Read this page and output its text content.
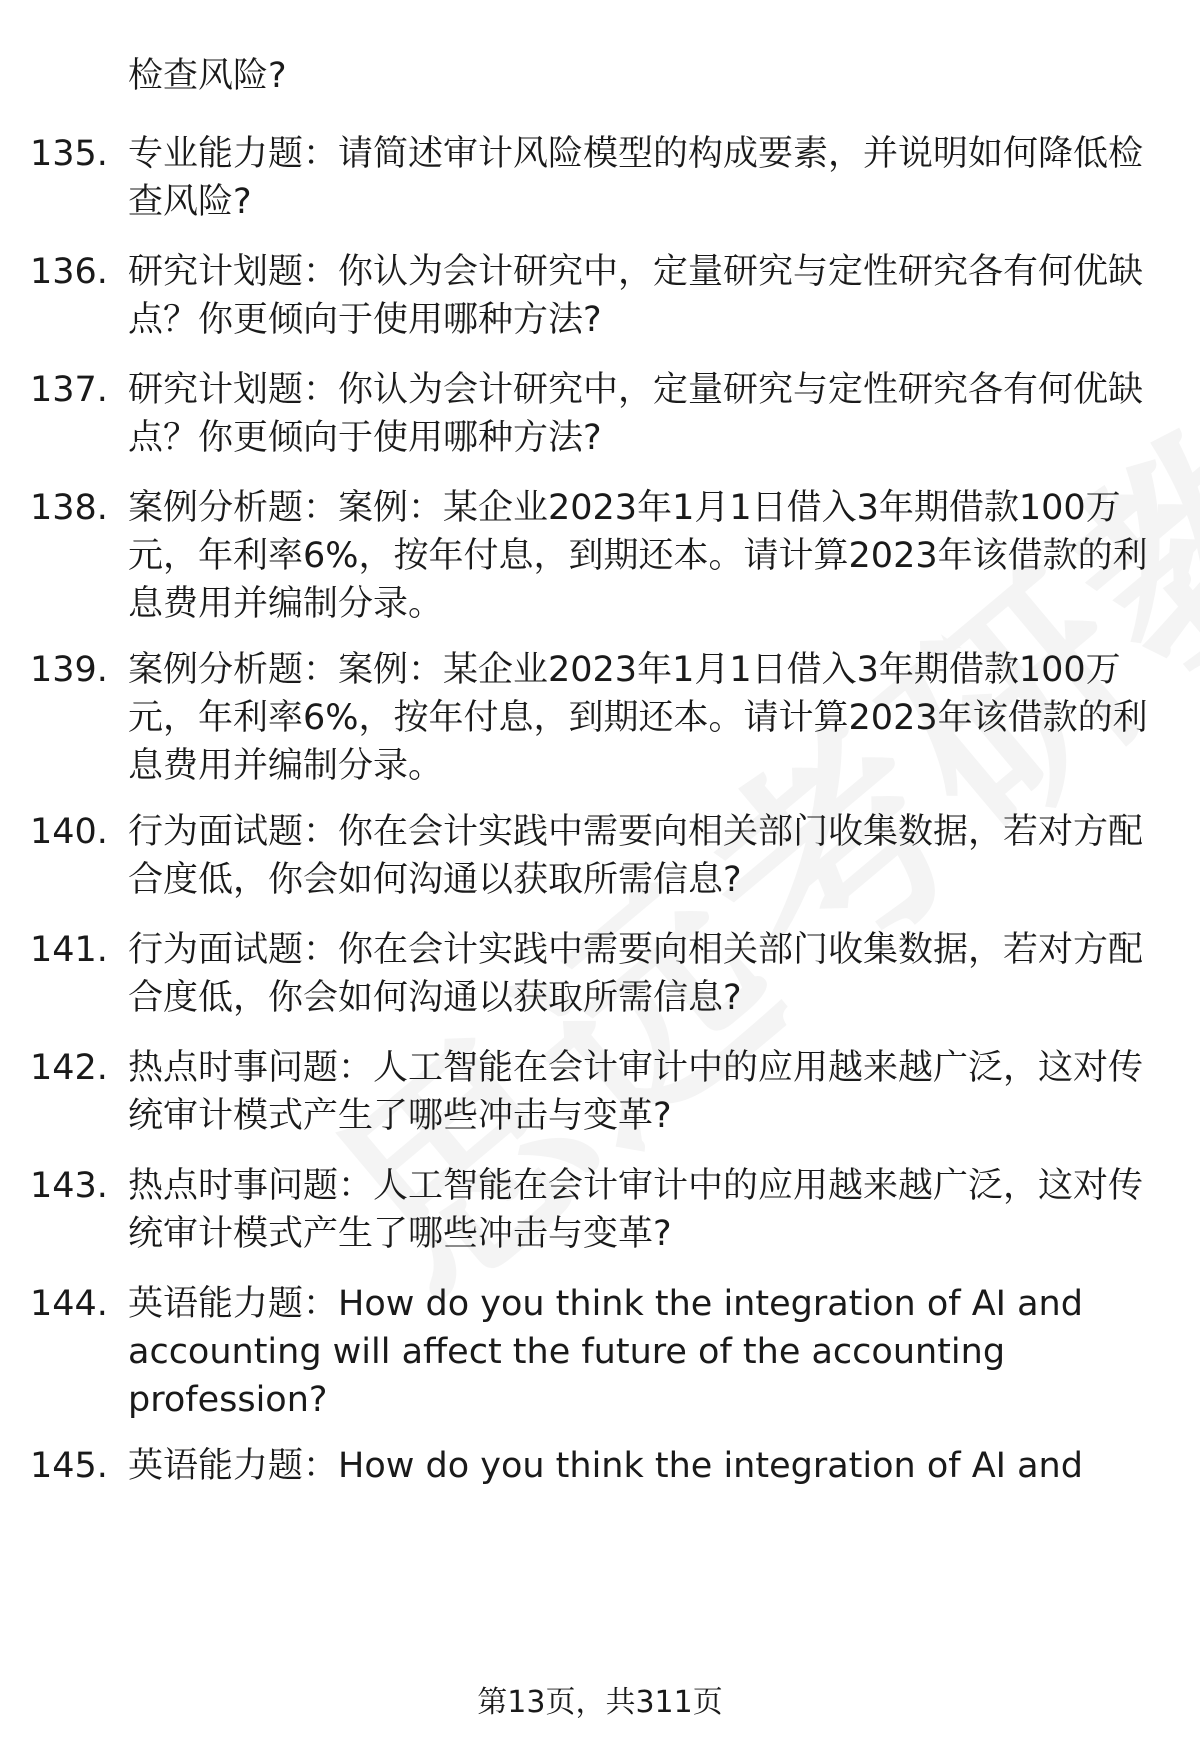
检查风险?
135. 专业能力题：请简述审计风险模型的构成要素，并说明如何降低检查风险?
136. 研究计划题：你认为会计研究中，定量研究与定性研究各有何优缺点？你更倾向于使用哪种方法?
137. 研究计划题：你认为会计研究中，定量研究与定性研究各有何优缺点？你更倾向于使用哪种方法?
138. 案例分析题：案例：某企业2023年1月1日借入3年期借款100万元，年利率6%，按年付息，到期还本。请计算2023年该借款的利息费用并编制分录。
139. 案例分析题：案例：某企业2023年1月1日借入3年期借款100万元，年利率6%，按年付息，到期还本。请计算2023年该借款的利息费用并编制分录。
140. 行为面试题：你在会计实践中需要向相关部门收集数据，若对方配合度低，你会如何沟通以获取所需信息?
141. 行为面试题：你在会计实践中需要向相关部门收集数据，若对方配合度低，你会如何沟通以获取所需信息?
142. 热点时事问题：人工智能在会计审计中的应用越来越广泛，这对传统审计模式产生了哪些冲击与变革?
143. 热点时事问题：人工智能在会计审计中的应用越来越广泛，这对传统审计模式产生了哪些冲击与变革?
144. 英语能力题：How do you think the integration of AI and accounting will affect the future of the accounting profession?
145. 英语能力题：How do you think the integration of AI and
第13页，共311页
